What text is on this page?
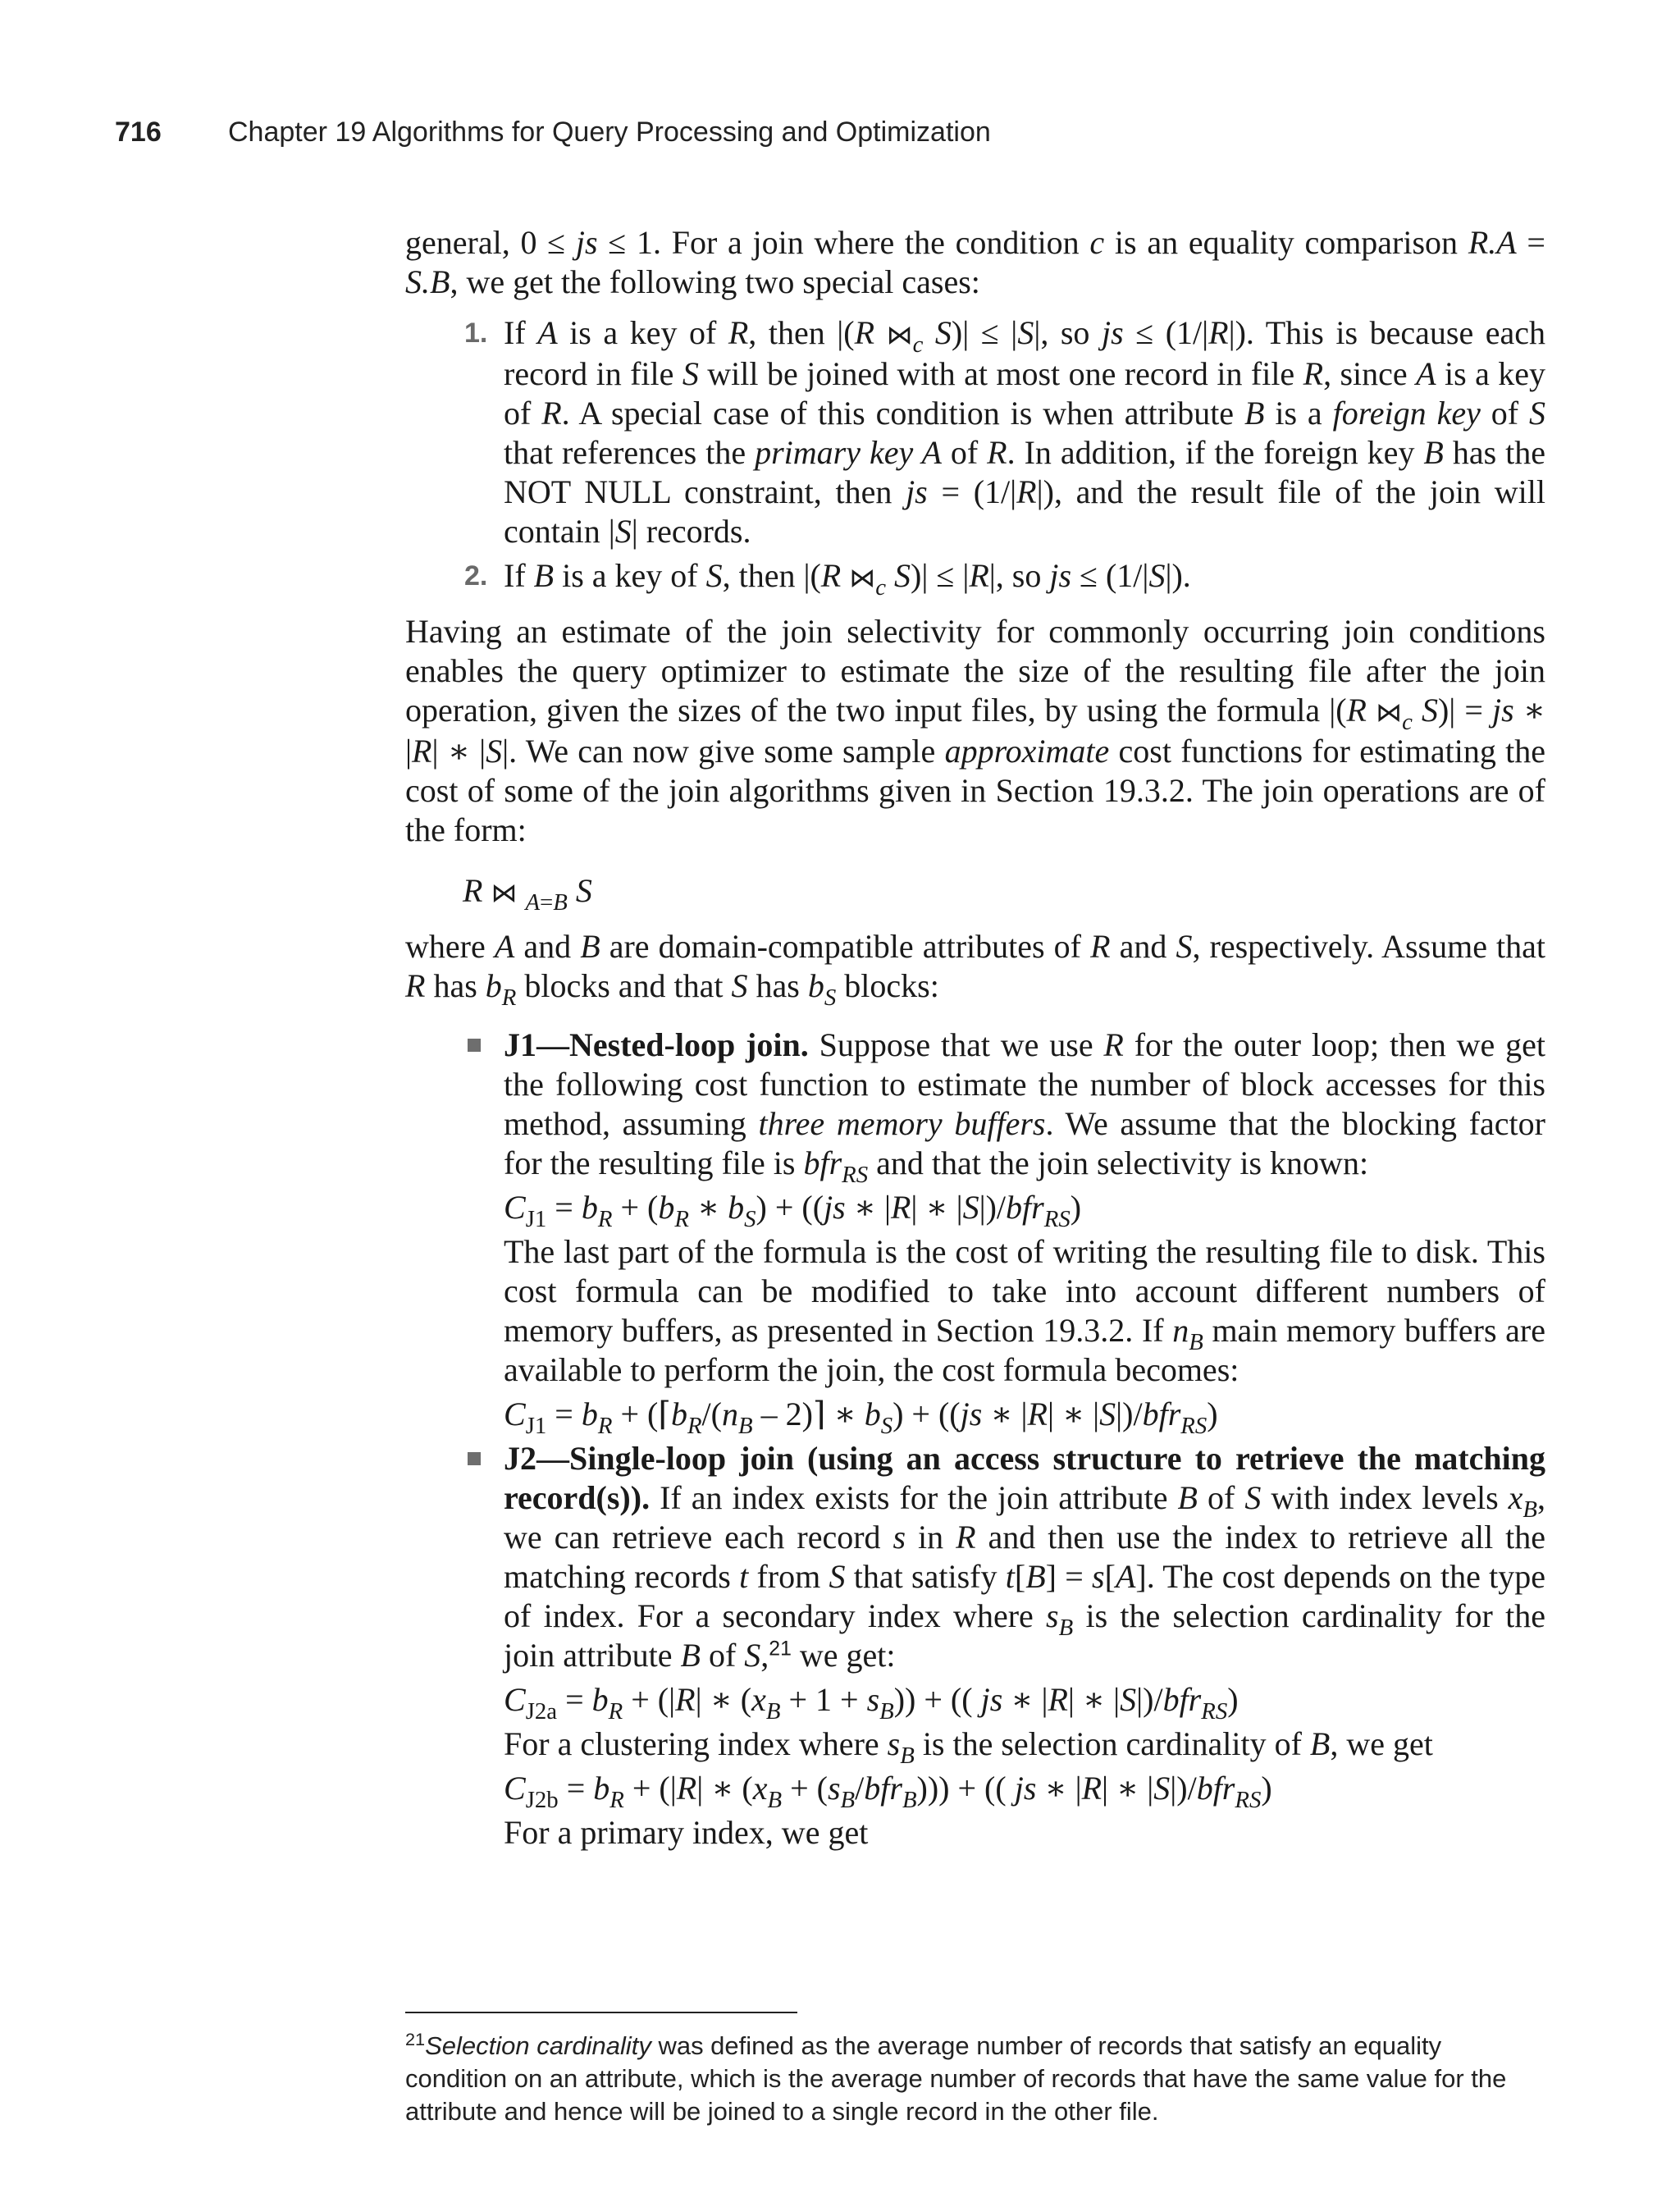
716 Chapter 19 Algorithms for Query Processing and Optimization

general, 0 ≤ js ≤ 1. For a join where the condition c is an equality comparison R.A = S.B, we get the following two special cases:

1. If A is a key of R, then |(R $⋈_c$ S)| ≤ |S|, so js ≤ (1/|R|). This is because each record in file S will be joined with at most one record in file R, since A is a key of R. A special case of this condition is when attribute B is a foreign key of S that references the primary key A of R. In addition, if the foreign key B has the NOT NULL constraint, then js = (1/|R|), and the result file of the join will contain |S| records.
2. If B is a key of S, then |(R $⋈_c$ S)| ≤ |R|, so js ≤ (1/|S|).

Having an estimate of the join selectivity for commonly occurring join conditions enables the query optimizer to estimate the size of the resulting file after the join operation, given the sizes of the two input files, by using the formula |(R $⋈_c$ S)| = js ∗ |R| ∗ |S|. We can now give some sample approximate cost functions for estimating the cost of some of the join algorithms given in Section 19.3.2. The join operations are of the form:

R ⋈ $_{A=B}$ S

where A and B are domain-compatible attributes of R and S, respectively. Assume that R has $b_R$ blocks and that S has $b_S$ blocks:

J1—Nested-loop join. Suppose that we use R for the outer loop; then we get the following cost function to estimate the number of block accesses for this method, assuming three memory buffers. We assume that the blocking factor for the resulting file is bfr$_{RS}$ and that the join selectivity is known:
$C_{J1} = b_R + (b_R$ ∗ $b_S) + ((js$ ∗ |R| ∗ |S|)/bfr$_{RS}$)
The last part of the formula is the cost of writing the resulting file to disk. This cost formula can be modified to take into account different numbers of memory buffers, as presented in Section 19.3.2. If $n_B$ main memory buffers are available to perform the join, the cost formula becomes:
$C_{J1} = b_R$ + ($⌈b_R/(n_B$ – 2)⌉ ∗ $b_S) + ((js$ ∗ |R| ∗ |S|)/bfr$_{RS}$)
J2—Single-loop join (using an access structure to retrieve the matching record(s)). If an index exists for the join attribute B of S with index levels $x_B$, we can retrieve each record s in R and then use the index to retrieve all the matching records t from S that satisfy t[B] = s[A]. The cost depends on the type of index. For a secondary index where $s_B$ is the selection cardinality for the join attribute B of S,$^{21}$ we get:
$C_{J2a} = b_R + (|R|$ ∗ $(x_B + 1 + s_B)$) + (( js ∗ |R| ∗ |S|)/bfr$_{RS}$)
For a clustering index where $s_B$ is the selection cardinality of B, we get
$C_{J2b} = b_R + (|R|$ ∗ $(x_B + (s_B/bfr_B))$) + (( js ∗ |R| ∗ |S|)/bfr$_{RS}$)
For a primary index, we get
$^{21}$Selection cardinality was defined as the average number of records that satisfy an equality condition on an attribute, which is the average number of records that have the same value for the attribute and hence will be joined to a single record in the other file.
